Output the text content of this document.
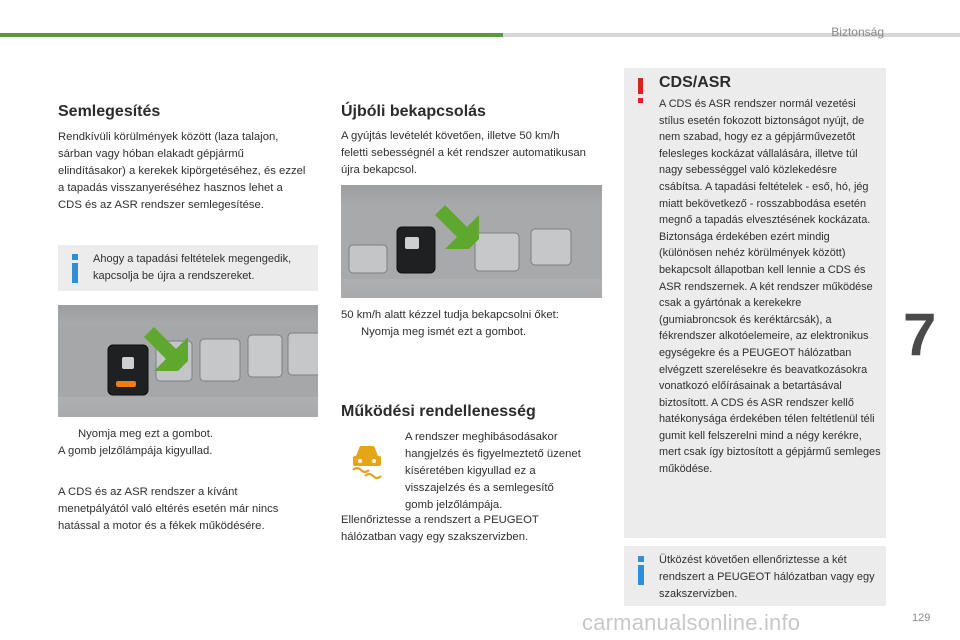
Biztonság
7
Semlegesítés

Rendkívüli körülmények között (laza talajon, sárban vagy hóban elakadt gépjármű elindításakor) a kerekek kipörgetéséhez, és ezzel a tapadás visszanyeréséhez hasznos lehet a CDS és az ASR rendszer semlegesítése.

Ahogy a tapadási feltételek megengedik, kapcsolja be újra a rendszereket.

Nyomja meg ezt a gombot.

A gomb jelzőlámpája kigyullad.

A CDS és az ASR rendszer a kívánt menetpályától való eltérés esetén már nincs hatással a motor és a fékek működésére.

Újbóli bekapcsolás

A gyújtás levételét követően, illetve 50 km/h feletti sebességnél a két rendszer automatikusan újra bekapcsol.

50 km/h alatt kézzel tudja bekapcsolni őket:

Nyomja meg ismét ezt a gombot.
Működési rendellenesség

A rendszer meghibásodásakor hangjelzés és figyelmeztető üzenet kíséretében kigyullad ez a visszajelzés és a semlegesítő gomb jelzőlámpája.

Ellenőriztesse a rendszert a PEUGEOT hálózatban vagy egy szakszervizben.

CDS/ASR

A CDS és ASR rendszer normál vezetési stílus esetén fokozott biztonságot nyújt, de nem szabad, hogy ez a gépjárművezetőt felesleges kockázat vállalására, illetve túl nagy sebességgel való közlekedésre csábítsa. A tapadási feltételek - eső, hó, jég miatt bekövetkező - rosszabbodása esetén megnő a tapadás elvesztésének kockázata. Biztonsága érdekében ezért mindig (különösen nehéz körülmények között) bekapcsolt állapotban kell lennie a CDS és ASR rendszernek. A két rendszer működése csak a gyártónak a kerekekre (gumiabroncsok és keréktárcsák), a fékrendszer alkotóelemeire, az elektronikus egységekre és a PEUGEOT hálózatban elvégzett szerelésekre és beavatkozásokra vonatkozó előírásainak a betartásával biztosított. A CDS és ASR rendszer kellő hatékonysága érdekében télen feltétlenül téli gumit kell felszerelni mind a négy kerékre, mert csak így biztosított a gépjármű semleges működése.

Ütközést követően ellenőriztesse a két rendszert a PEUGEOT hálózatban vagy egy szakszervizben.

carmanualsonline.info	129
